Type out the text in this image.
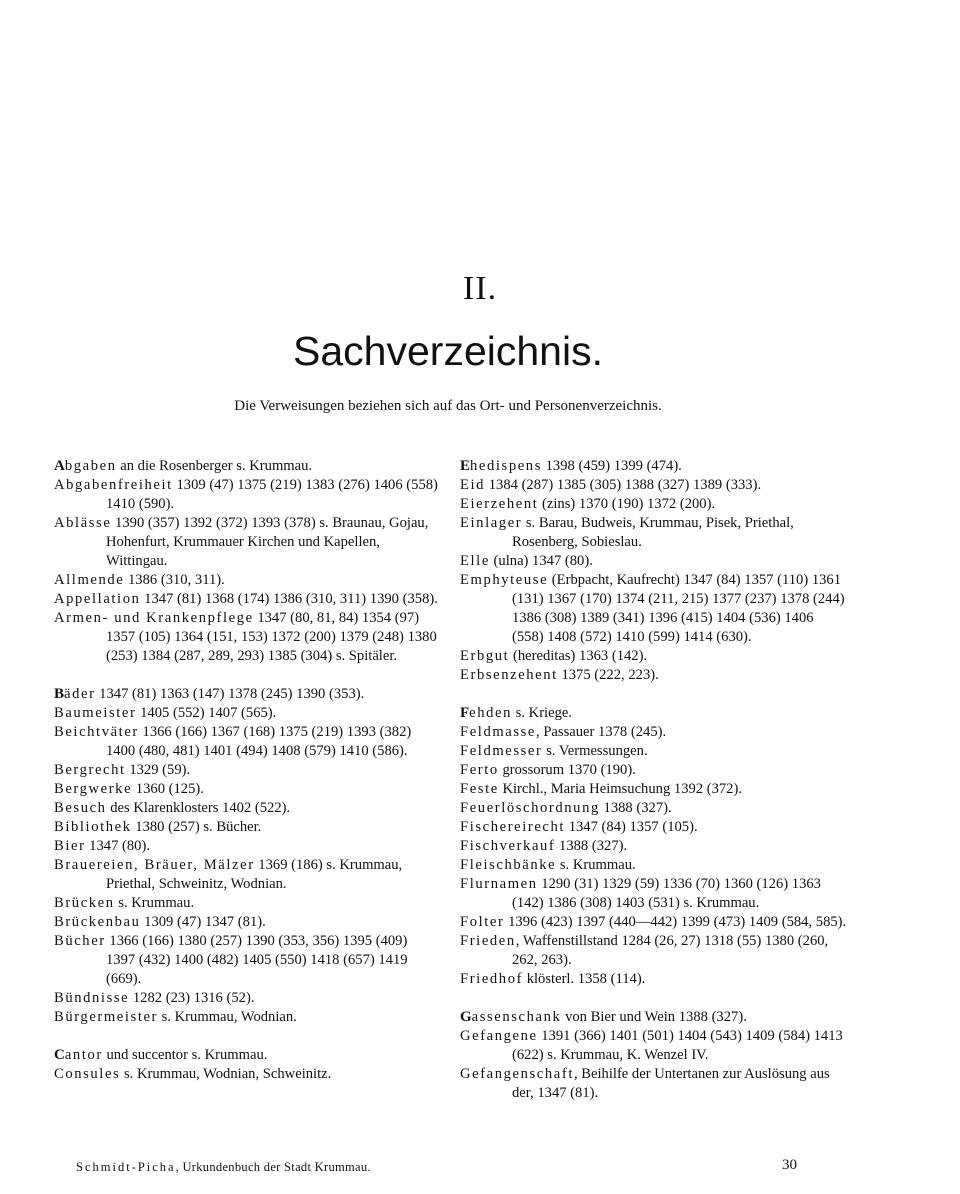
II.
Sachverzeichnis.
Die Verweisungen beziehen sich auf das Ort- und Personenverzeichnis.

Abgaben an die Rosenberger s. Krummau.

Abgabenfreiheit 1309 (47) 1375 (219) 1383 (276) 1406 (558) 1410 (590).

Ablässe 1390 (357) 1392 (372) 1393 (378) s. Braunau, Gojau, Hohenfurt, Krummauer Kirchen und Kapellen, Wittingau.

Allmende 1386 (310, 311).

Appellation 1347 (81) 1368 (174) 1386 (310, 311) 1390 (358).

Armen- und Krankenpflege 1347 (80, 81, 84) 1354 (97) 1357 (105) 1364 (151, 153) 1372 (200) 1379 (248) 1380 (253) 1384 (287, 289, 293) 1385 (304) s. Spitäler.

Bäder 1347 (81) 1363 (147) 1378 (245) 1390 (353).

Baumeister 1405 (552) 1407 (565).

Beichtväter 1366 (166) 1367 (168) 1375 (219) 1393 (382) 1400 (480, 481) 1401 (494) 1408 (579) 1410 (586).

Bergrecht 1329 (59).

Bergwerke 1360 (125).

Besuch des Klarenklosters 1402 (522).

Bibliothek 1380 (257) s. Bücher.

Bier 1347 (80).

Brauereien, Bräuer, Mälzer 1369 (186) s. Krummau, Priethal, Schweinitz, Wodnian.

Brücken s. Krummau.

Brückenbau 1309 (47) 1347 (81).

Bücher 1366 (166) 1380 (257) 1390 (353, 356) 1395 (409) 1397 (432) 1400 (482) 1405 (550) 1418 (657) 1419 (669).

Bündnisse 1282 (23) 1316 (52).

Bürgermeister s. Krummau, Wodnian.

Cantor und succentor s. Krummau.

Consules s. Krummau, Wodnian, Schweinitz.

Ehedispens 1398 (459) 1399 (474).

Eid 1384 (287) 1385 (305) 1388 (327) 1389 (333).

Eierzehent (zins) 1370 (190) 1372 (200).

Einlager s. Barau, Budweis, Krummau, Pisek, Priethal, Rosenberg, Sobieslau.

Elle (ulna) 1347 (80).

Emphyteuse (Erbpacht, Kaufrecht) 1347 (84) 1357 (110) 1361 (131) 1367 (170) 1374 (211, 215) 1377 (237) 1378 (244) 1386 (308) 1389 (341) 1396 (415) 1404 (536) 1406 (558) 1408 (572) 1410 (599) 1414 (630).

Erbgut (hereditas) 1363 (142).

Erbsenzehent 1375 (222, 223).

Fehden s. Kriege.

Feldmasse, Passauer 1378 (245).

Feldmesser s. Vermessungen.

Ferto grossorum 1370 (190).

Feste Kirchl., Maria Heimsuchung 1392 (372).

Feuerlöschordnung 1388 (327).

Fischereirecht 1347 (84) 1357 (105).

Fischverkauf 1388 (327).

Fleischbänke s. Krummau.

Flurnamen 1290 (31) 1329 (59) 1336 (70) 1360 (126) 1363 (142) 1386 (308) 1403 (531) s. Krummau.

Folter 1396 (423) 1397 (440—442) 1399 (473) 1409 (584, 585).

Frieden, Waffenstillstand 1284 (26, 27) 1318 (55) 1380 (260, 262, 263).

Friedhof klösterl. 1358 (114).

Gassenschank von Bier und Wein 1388 (327).

Gefangene 1391 (366) 1401 (501) 1404 (543) 1409 (584) 1413 (622) s. Krummau, K. Wenzel IV.

Gefangenschaft, Beihilfe der Untertanen zur Auslösung aus der, 1347 (81).

Schmidt-Picha, Urkundenbuch der Stadt Krummau.	30
